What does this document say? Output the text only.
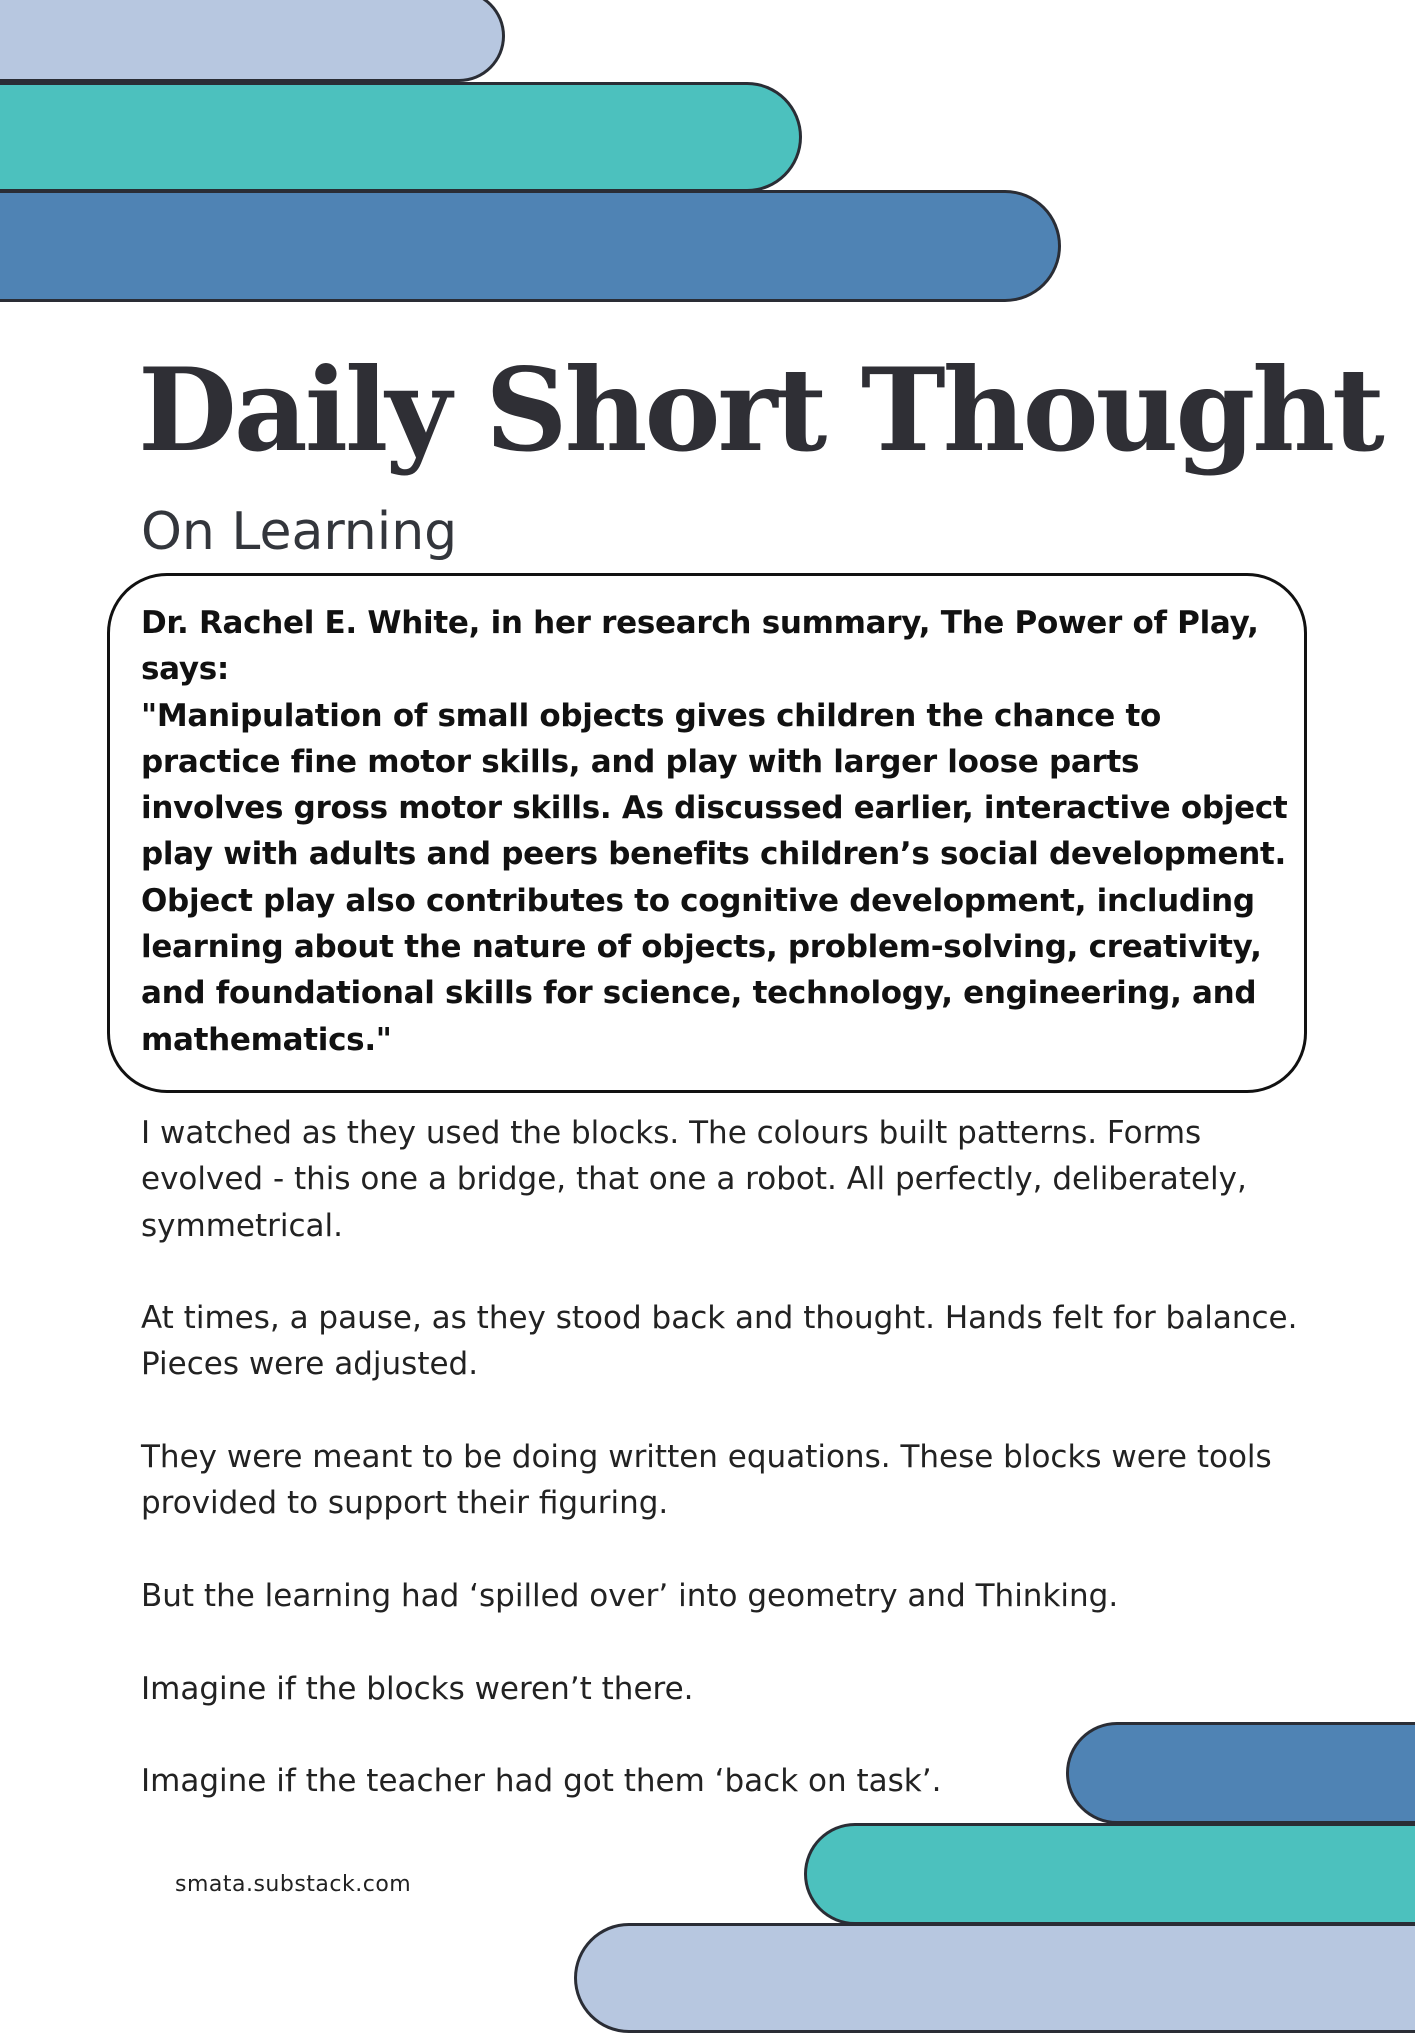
Daily Short Thought
On Learning
Dr. Rachel E. White, in her research summary, The Power of Play, says:
"Manipulation of small objects gives children the chance to practice fine motor skills, and play with larger loose parts involves gross motor skills. As discussed earlier, interactive object play with adults and peers benefits children’s social development. Object play also contributes to cognitive development, including learning about the nature of objects, problem-solving, creativity, and foundational skills for science, technology, engineering, and mathematics."

I watched as they used the blocks. The colours built patterns. Forms evolved - this one a bridge, that one a robot. All perfectly, deliberately, symmetrical.

At times, a pause, as they stood back and thought. Hands felt for balance. Pieces were adjusted.

They were meant to be doing written equations. These blocks were tools provided to support their figuring.

But the learning had ‘spilled over’ into geometry and Thinking.

Imagine if the blocks weren’t there.

Imagine if the teacher had got them ‘back on task’.

smata.substack.com
